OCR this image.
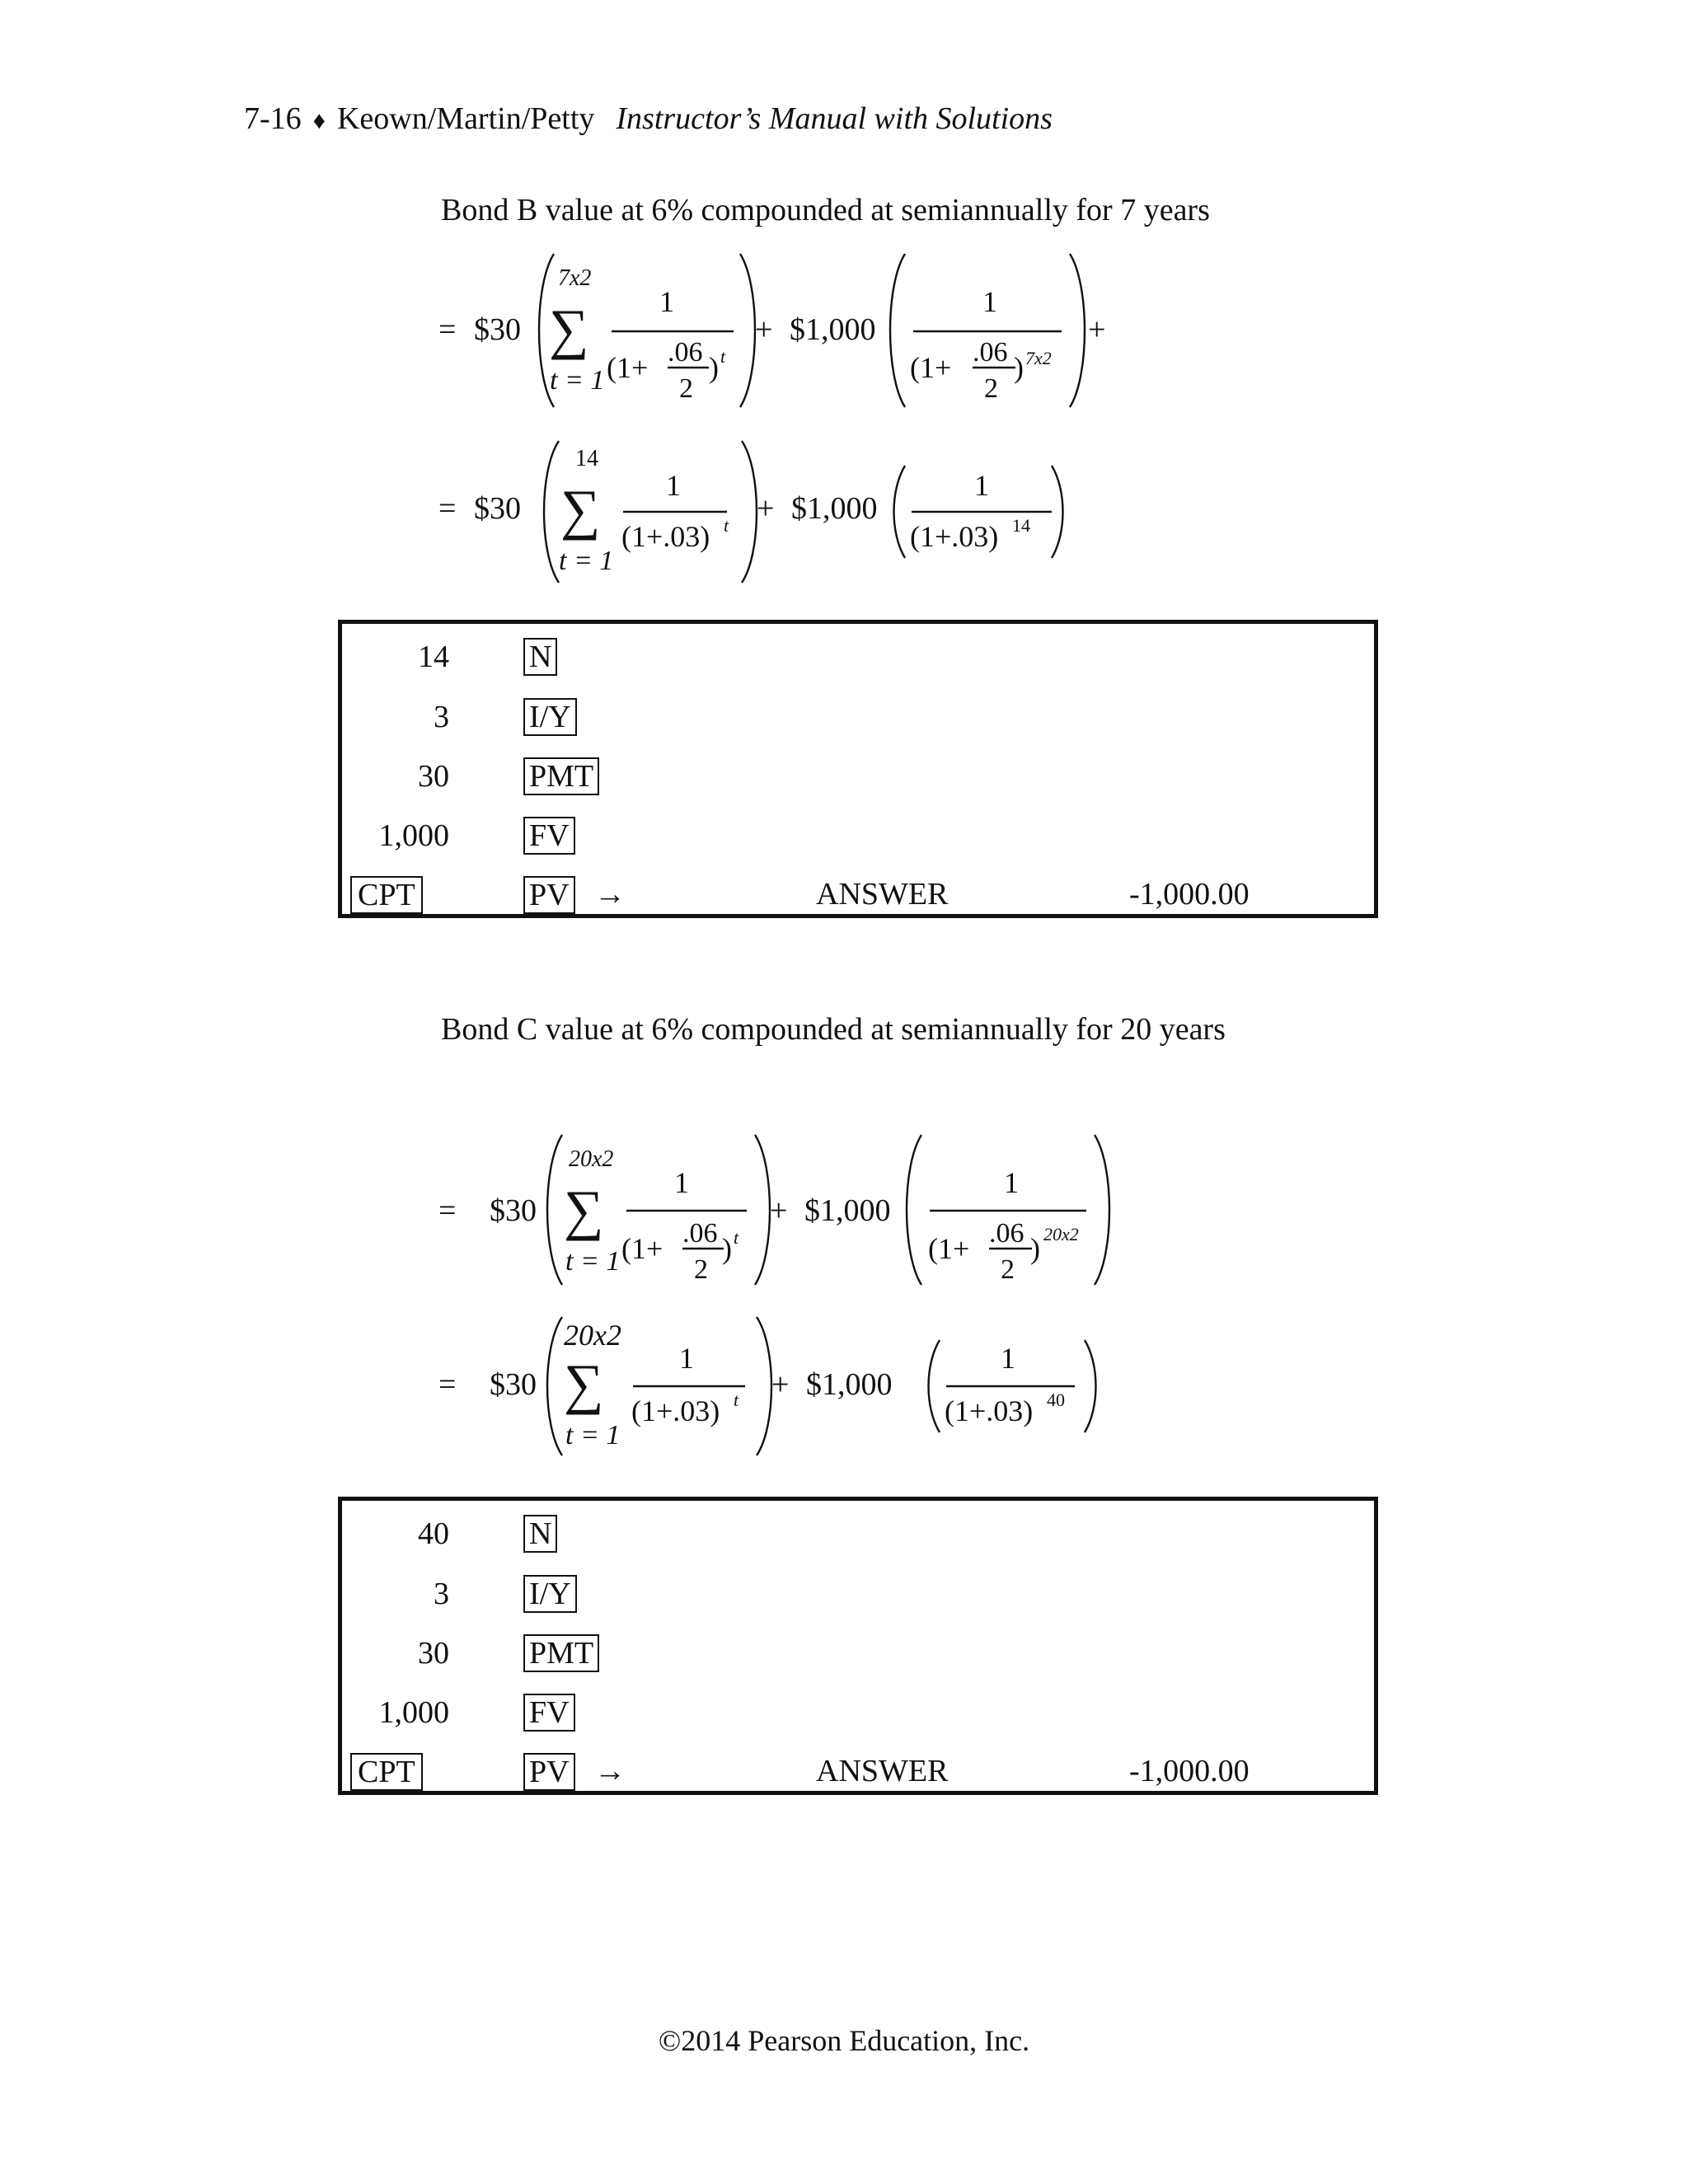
7-16 ♦ Keown/Martin/Petty Instructor’s Manual with Solutions
Bond B value at 6% compounded at semiannually for 7 years
= $30
7x2
∑
t = 1
1
(1+ .06
2
) t
+ $1,000
1
(1+ .06
2
) 7x2
+
= $30
14
∑
t = 1
1
(1+.03) t + $1,000
1
(1+.03) 14
14	N
3	I/Y
30	PMT
1,000	FV
CPT	PV →	ANSWER	-1,000.00
Bond C value at 6% compounded at semiannually for 20 years
= $30
20x2
∑
t = 1
1
(1+ .06
2
) t
+ $1,000
1
(1+ .06
2
) 20x2
= $30
20x2
∑
t = 1
1
(1+.03) t + $1,000
1
(1+.03) 40
40	N
3	I/Y
30	PMT
1,000	FV
CPT	PV →	ANSWER	-1,000.00
©2014 Pearson Education, Inc.
